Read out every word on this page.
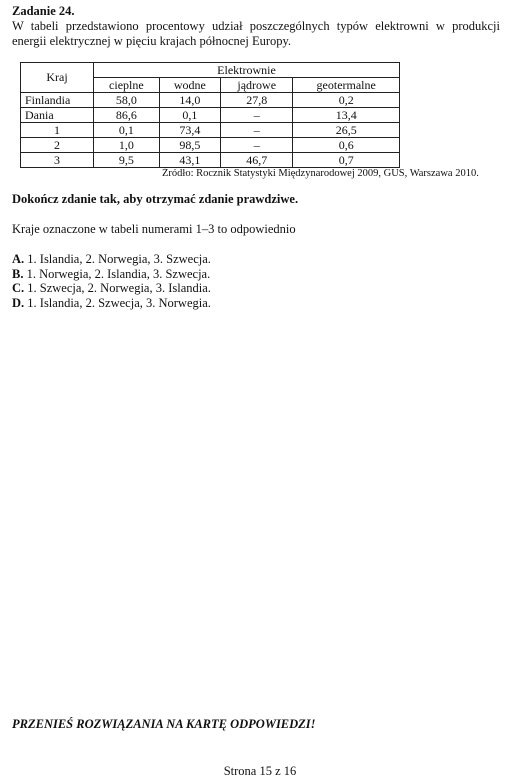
Zadanie 24.

W tabeli przedstawiono procentowy udział poszczególnych typów elektrowni w produkcji energii elektrycznej w pięciu krajach północnej Europy.

Kraj	Elektrownie			
	cieplne	wodne	jądrowe	geotermalne
Finlandia	58,0	14,0	27,8	0,2
Dania	86,6	0,1	–	13,4
1	0,1	73,4	–	26,5
2	1,0	98,5	–	0,6
3	9,5	43,1	46,7	0,7
Źródło: Rocznik Statystyki Międzynarodowej 2009, GUS, Warszawa 2010.

Dokończ zdanie tak, aby otrzymać zdanie prawdziwe.

Kraje oznaczone w tabeli numerami 1–3 to odpowiednio

A. 1. Islandia, 2. Norwegia, 3. Szwecja.
B. 1. Norwegia, 2. Islandia, 3. Szwecja.
C. 1. Szwecja, 2. Norwegia, 3. Islandia.
D. 1. Islandia, 2. Szwecja, 3. Norwegia.

PRZENIEŚ ROZWIĄZANIA NA KARTĘ ODPOWIEDZI!

Strona 15 z 16
